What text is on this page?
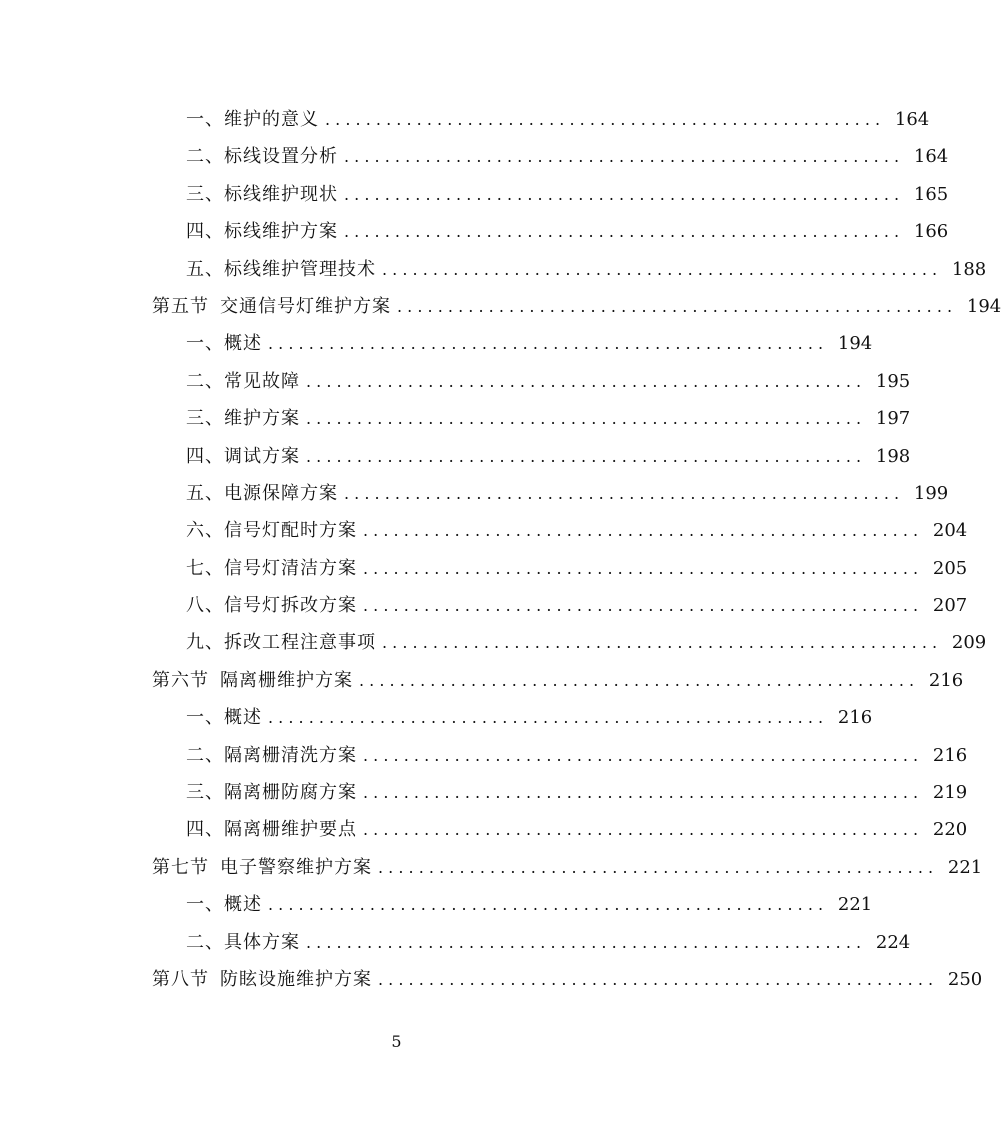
一、维护的意义 ....................................................... 164
二、标线设置分析 ....................................................... 164
三、标线维护现状 ....................................................... 165
四、标线维护方案 ....................................................... 166
五、标线维护管理技术 ....................................................... 188
第五节 交通信号灯维护方案 ....................................................... 194
一、概述 ....................................................... 194
二、常见故障 ....................................................... 195
三、维护方案 ....................................................... 197
四、调试方案 ....................................................... 198
五、电源保障方案 ....................................................... 199
六、信号灯配时方案 ....................................................... 204
七、信号灯清洁方案 ....................................................... 205
八、信号灯拆改方案 ....................................................... 207
九、拆改工程注意事项 ....................................................... 209
第六节 隔离栅维护方案 ....................................................... 216
一、概述 ....................................................... 216
二、隔离栅清洗方案 ....................................................... 216
三、隔离栅防腐方案 ....................................................... 219
四、隔离栅维护要点 ....................................................... 220
第七节 电子警察维护方案 ....................................................... 221
一、概述 ....................................................... 221
二、具体方案 ....................................................... 224
第八节 防眩设施维护方案 ....................................................... 250
5
